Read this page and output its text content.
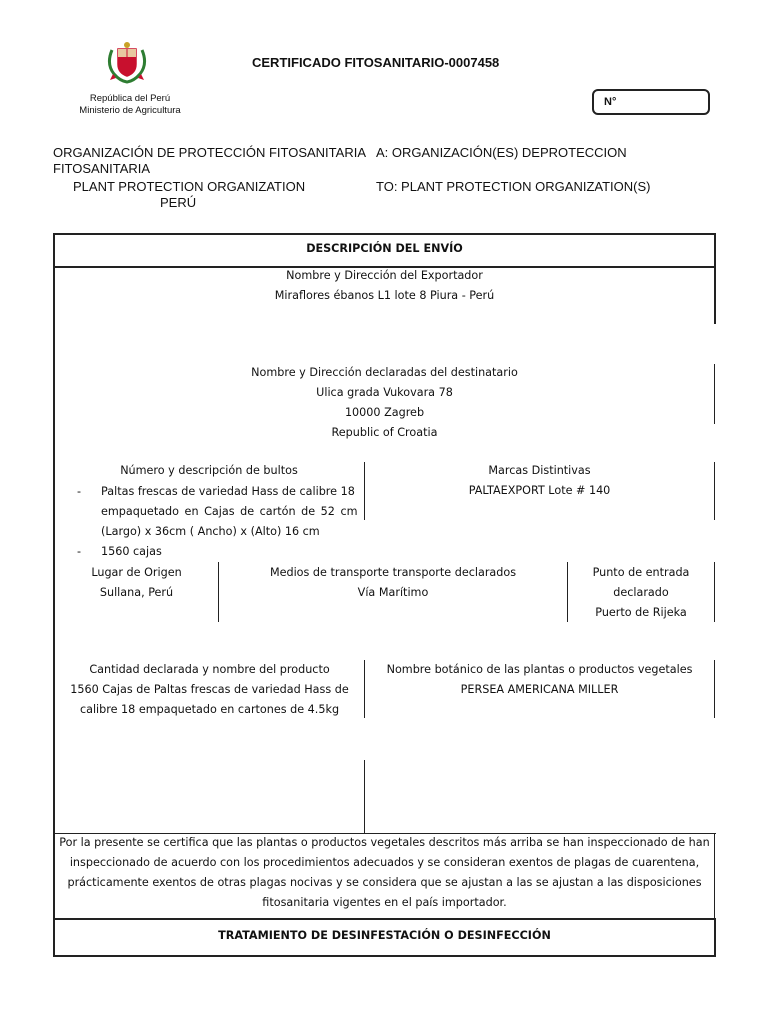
República del Perú
Ministerio de Agricultura
CERTIFICADO FITOSANITARIO-0007458
N°
ORGANIZACIÓN DE PROTECCIÓN FITOSANITARIA
FITOSANITARIA
PLANT PROTECTION ORGANIZATION
PERÚ
A: ORGANIZACIÓN(ES) DEPROTECCION
TO: PLANT PROTECTION ORGANIZATION(S)
DESCRIPCIÓN DEL ENVÍO
Nombre y Dirección del Exportador
Miraflores ébanos L1 lote 8 Piura - Perú
Nombre y Dirección declaradas del destinatario
Ulica grada Vukovara 78
10000 Zagreb
Republic of Croatia
Número y descripción de bultos
- Paltas frescas de variedad Hass de calibre 18
empaquetado en Cajas de cartón de 52 cm
(Largo) x 36cm ( Ancho) x (Alto) 16 cm
- 1560 cajas
Marcas Distintivas
PALTAEXPORT Lote # 140
Lugar de Origen
Sullana, Perú
Medios de transporte transporte declarados
Vía Marítimo
Punto de entrada
declarado
Puerto de Rijeka
Cantidad declarada y nombre del producto
1560 Cajas de Paltas frescas de variedad Hass de
calibre 18 empaquetado en cartones de 4.5kg
Nombre botánico de las plantas o productos vegetales
PERSEA AMERICANA MILLER
Por la presente se certifica que las plantas o productos vegetales descritos más arriba se han inspeccionado de han
inspeccionado de acuerdo con los procedimientos adecuados y se consideran exentos de plagas de cuarentena,
prácticamente exentos de otras plagas nocivas y se considera que se ajustan a las se ajustan a las disposiciones
fitosanitaria vigentes en el país importador.
TRATAMIENTO DE DESINFESTACIÓN O DESINFECCIÓN
